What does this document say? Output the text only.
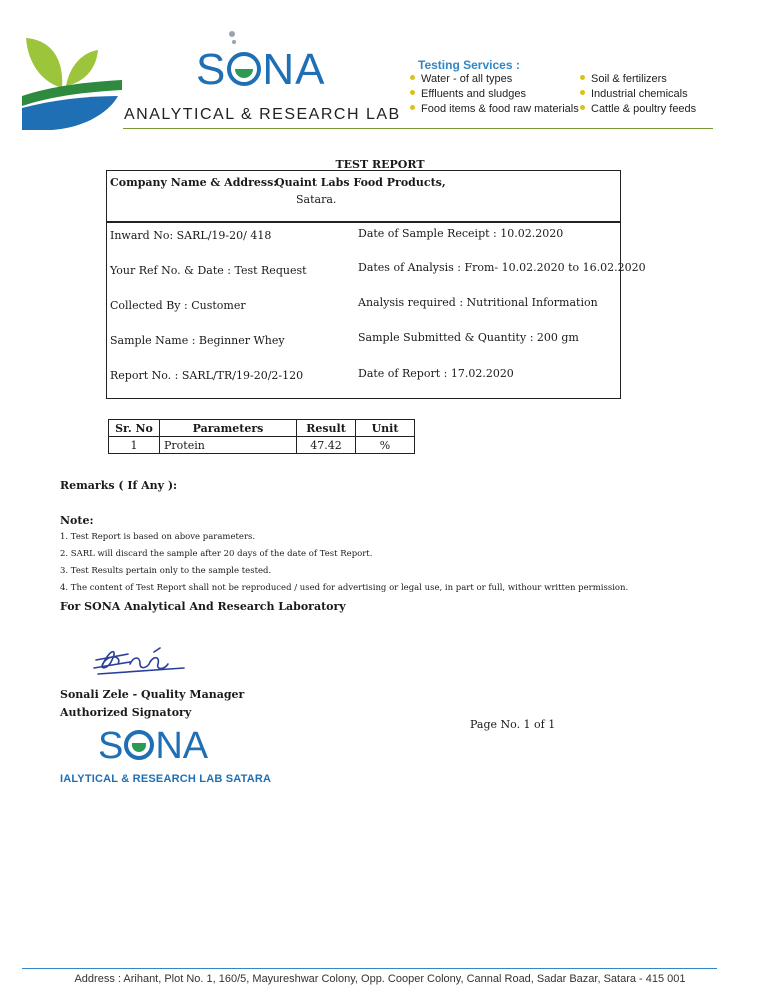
S NA
ANALYTICAL & RESEARCH LAB
Testing Services :
Water - of all types
Effluents and sludges
Food items & food raw materials
Soil & fertilizers
Industrial chemicals
Cattle & poultry feeds
TEST REPORT
Company Name & Address:
Quaint Labs Food Products,
Satara.
Inward No: SARL/19-20/ 418	Date of Sample Receipt : 10.02.2020
Your Ref No. & Date : Test Request	Dates of Analysis : From- 10.02.2020 to 16.02.2020
Collected By : Customer	Analysis required : Nutritional Information
Sample Name : Beginner Whey	Sample Submitted & Quantity : 200 gm
Report No. : SARL/TR/19-20/2-120	Date of Report : 17.02.2020
Sr. No	Parameters	Result	Unit
1	Protein	47.42	%
Remarks ( If Any ):
Note:
1. Test Report is based on above parameters.
2. SARL will discard the sample after 20 days of the date of Test Report.
3. Test Results pertain only to the sample tested.
4. The content of Test Report shall not be reproduced / used for advertising or legal use, in part or full, withour written permission.
For SONA Analytical And Research Laboratory
Sonali Zele - Quality Manager
Authorized Signatory
Page No. 1 of 1
S NA
IALYTICAL & RESEARCH LAB SATARA
Address : Arihant, Plot No. 1, 160/5, Mayureshwar Colony, Opp. Cooper Colony, Cannal Road, Sadar Bazar, Satara - 415 001
